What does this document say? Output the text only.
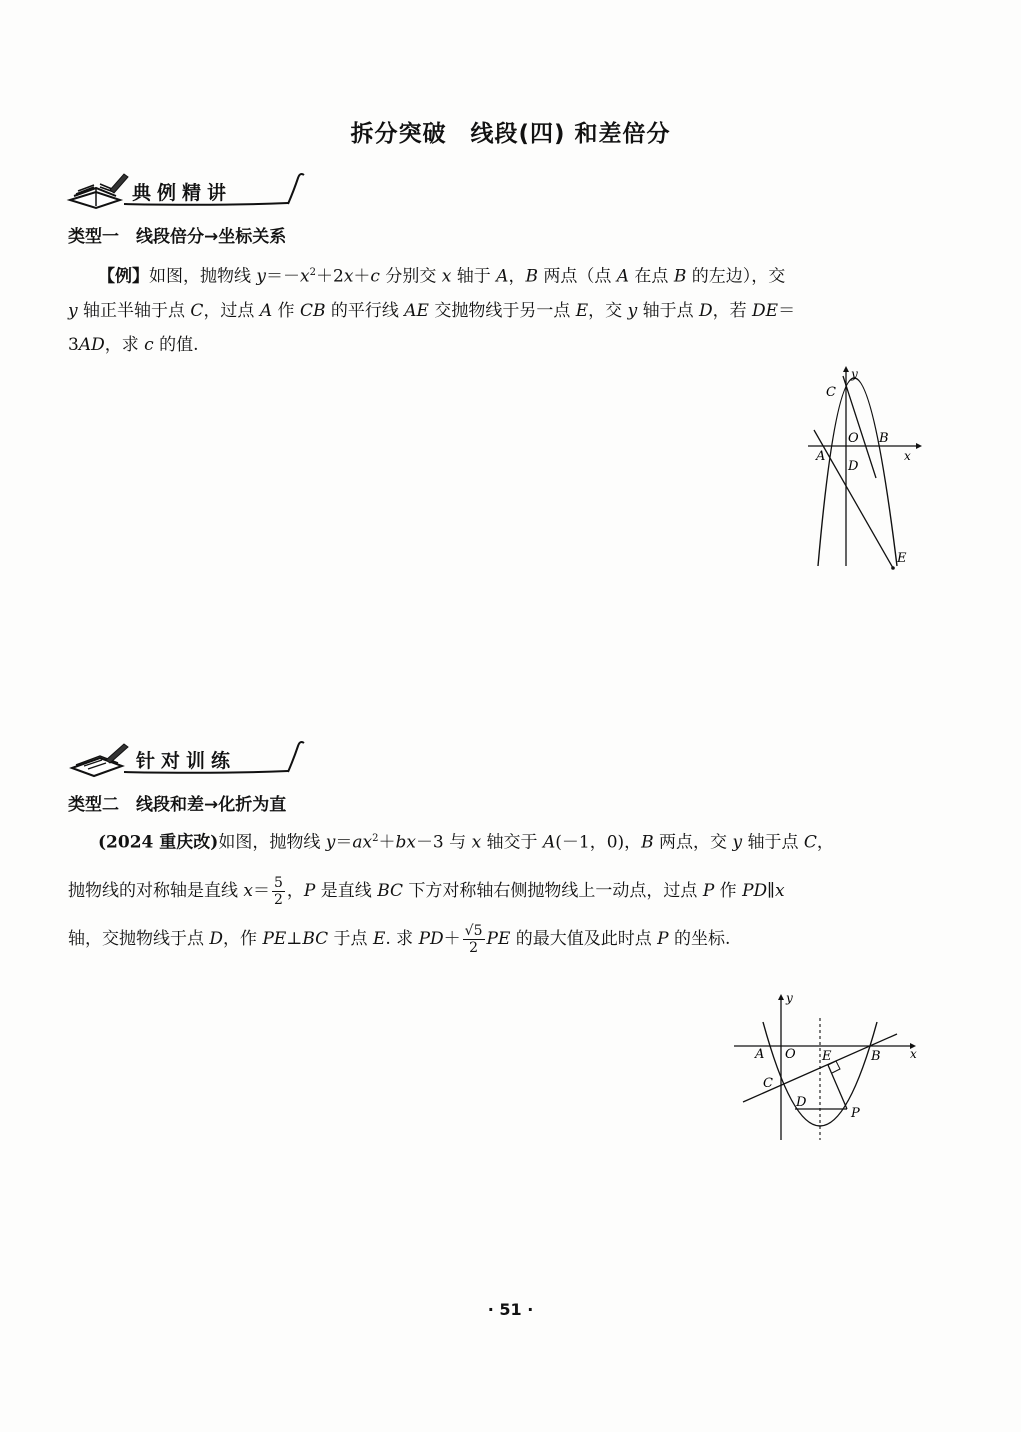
拆分突破　线段(四) 和差倍分
典例精讲
类型一　线段倍分→坐标关系
【例】如图，抛物线 $y=-x^2+2x+c$ 分别交 x 轴于 A，B 两点（点 A 在点 B 的左边），交
y 轴正半轴于点 C，过点 A 作 CB 的平行线 AE 交抛物线于另一点 E，交 y 轴于点 D，若 DE＝
3AD，求 c 的值.
C
y
O B
A
D
x
E
针对训练
类型二　线段和差→化折为直
(2024 重庆改)如图，抛物线 $y=ax^2+bx-3$ 与 x 轴交于 A(－1，0)，B 两点，交 y 轴于点 C，
抛物线的对称轴是直线 $x= \frac{5}{2}$ ，P 是直线 BC 下方对称轴右侧抛物线上一动点，过点 P 作 PD∥x
轴，交抛物线于点 D，作 PE⊥BC 于点 E. 求 $PD+ \frac{√5}{2}$ PE 的最大值及此时点 P 的坐标.
y
A O E	B x
C
D
P
· 51 ·
